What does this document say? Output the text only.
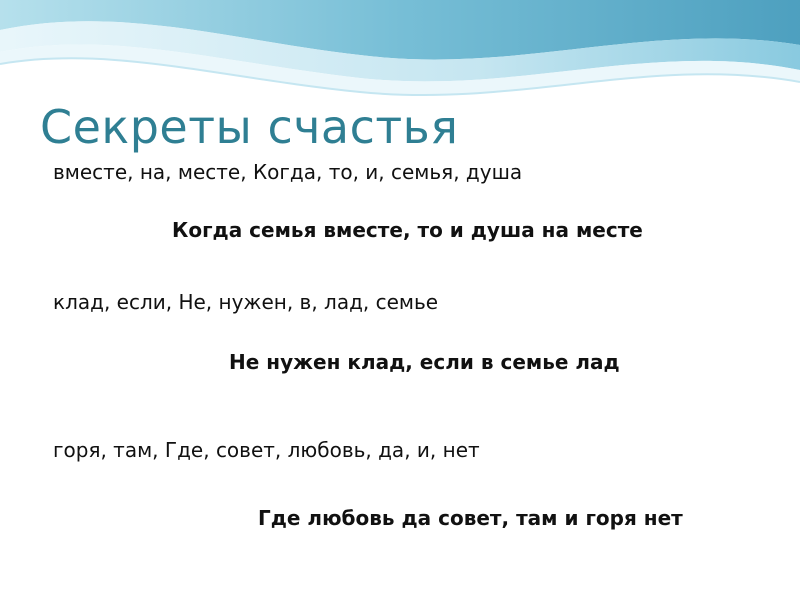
Секреты счастья
вместе, на, месте, Когда, то, и, семья, душа
Когда семья вместе, то и душа на месте
клад, если, Не, нужен, в, лад, семье
Не нужен клад, если в семье лад
горя, там, Где, совет, любовь, да, и, нет
Где любовь да совет, там и горя нет
